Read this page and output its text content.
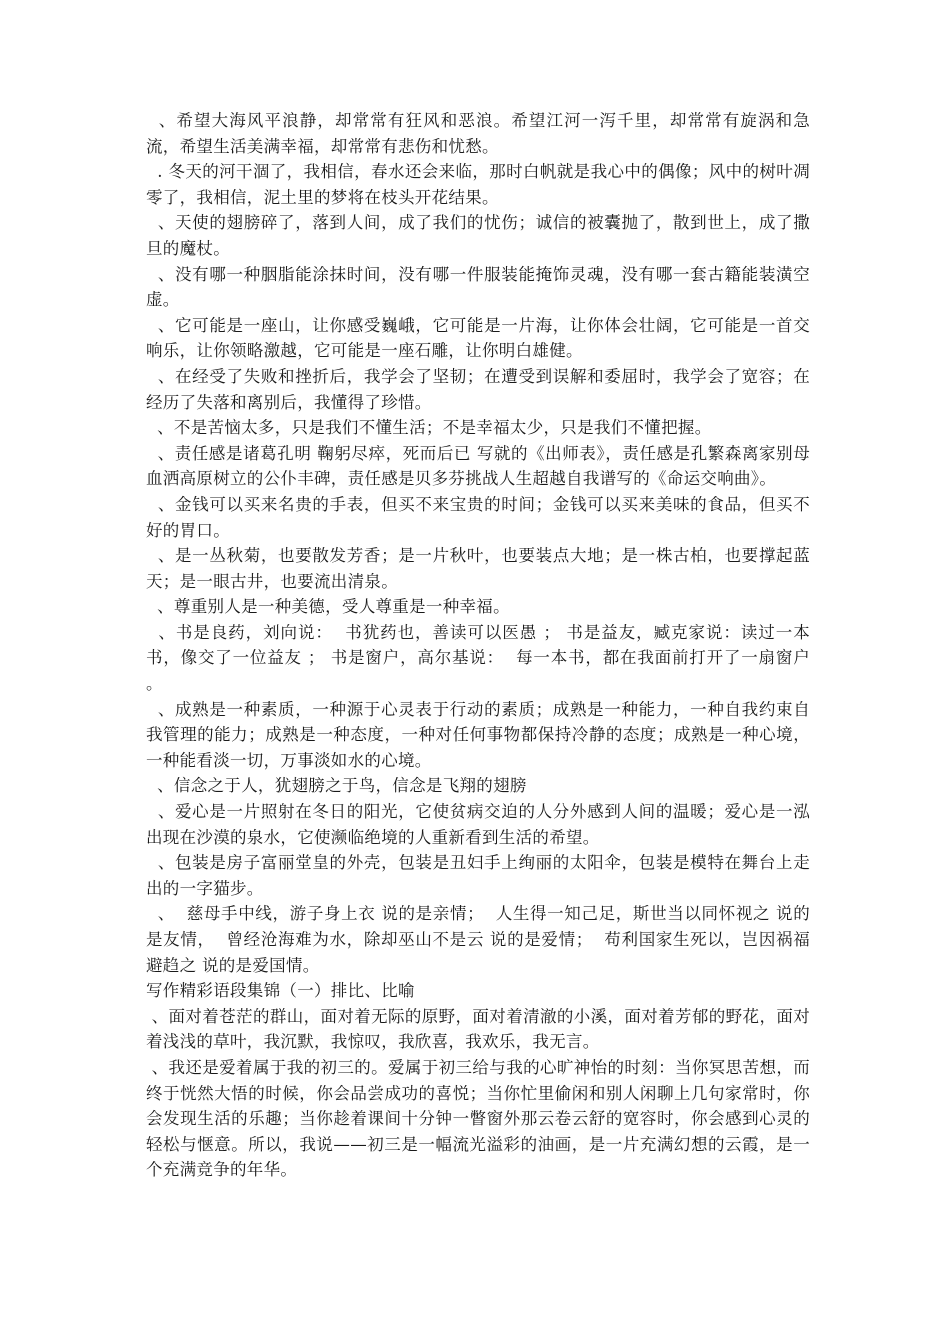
、希望大海风平浪静，却常常有狂风和恶浪。希望江河一泻千里，却常常有旋涡和急流，希望生活美满幸福，却常常有悲伤和忧愁。

. 冬天的河干涸了，我相信，春水还会来临，那时白帆就是我心中的偶像；风中的树叶凋零了，我相信，泥土里的梦将在枝头开花结果。

、天使的翅膀碎了，落到人间，成了我们的忧伤；诚信的被囊抛了，散到世上，成了撒旦的魔杖。

、没有哪一种胭脂能涂抹时间，没有哪一件服装能掩饰灵魂，没有哪一套古籍能装潢空虚。

、它可能是一座山，让你感受巍峨，它可能是一片海，让你体会壮阔，它可能是一首交响乐，让你领略激越，它可能是一座石雕，让你明白雄健。

、在经受了失败和挫折后，我学会了坚韧；在遭受到误解和委屈时，我学会了宽容；在经历了失落和离别后，我懂得了珍惜。

、不是苦恼太多，只是我们不懂生活；不是幸福太少，只是我们不懂把握。

、责任感是诸葛孔明 鞠躬尽瘁，死而后已 写就的《出师表》，责任感是孔繁森离家别母血洒高原树立的公仆丰碑，责任感是贝多芬挑战人生超越自我谱写的《命运交响曲》。

、金钱可以买来名贵的手表，但买不来宝贵的时间；金钱可以买来美味的食品，但买不好的胃口。

、是一丛秋菊，也要散发芳香；是一片秋叶，也要装点大地；是一株古柏，也要撑起蓝天；是一眼古井，也要流出清泉。

、尊重别人是一种美德，受人尊重是一种幸福。

、书是良药，刘向说：  书犹药也，善读可以医愚 ； 书是益友，臧克家说：读过一本书，像交了一位益友 ； 书是窗户，高尔基说：  每一本书，都在我面前打开了一扇窗户  。

、成熟是一种素质，一种源于心灵表于行动的素质；成熟是一种能力，一种自我约束自我管理的能力；成熟是一种态度，一种对任何事物都保持冷静的态度；成熟是一种心境，一种能看淡一切，万事淡如水的心境。

、信念之于人，犹翅膀之于鸟，信念是飞翔的翅膀

、爱心是一片照射在冬日的阳光，它使贫病交迫的人分外感到人间的温暖；爱心是一泓出现在沙漠的泉水，它使濒临绝境的人重新看到生活的希望。

、包装是房子富丽堂皇的外壳，包装是丑妇手上绚丽的太阳伞，包装是模特在舞台上走出的一字猫步。

、  慈母手中线，游子身上衣 说的是亲情；  人生得一知己足，斯世当以同怀视之 说的是友情，  曾经沧海难为水，除却巫山不是云 说的是爱情；  苟利国家生死以，岂因祸福避趋之 说的是爱国情。

写作精彩语段集锦（一）排比、比喻

、面对着苍茫的群山，面对着无际的原野，面对着清澈的小溪，面对着芳郁的野花，面对着浅浅的草叶，我沉默，我惊叹，我欣喜，我欢乐，我无言。

、我还是爱着属于我的初三的。爱属于初三给与我的心旷神怡的时刻：当你冥思苦想，而终于恍然大悟的时候，你会品尝成功的喜悦；当你忙里偷闲和别人闲聊上几句家常时，你会发现生活的乐趣；当你趁着课间十分钟一瞥窗外那云卷云舒的宽容时，你会感到心灵的轻松与惬意。所以，我说——初三是一幅流光溢彩的油画，是一片充满幻想的云霞，是一个充满竞争的年华。
